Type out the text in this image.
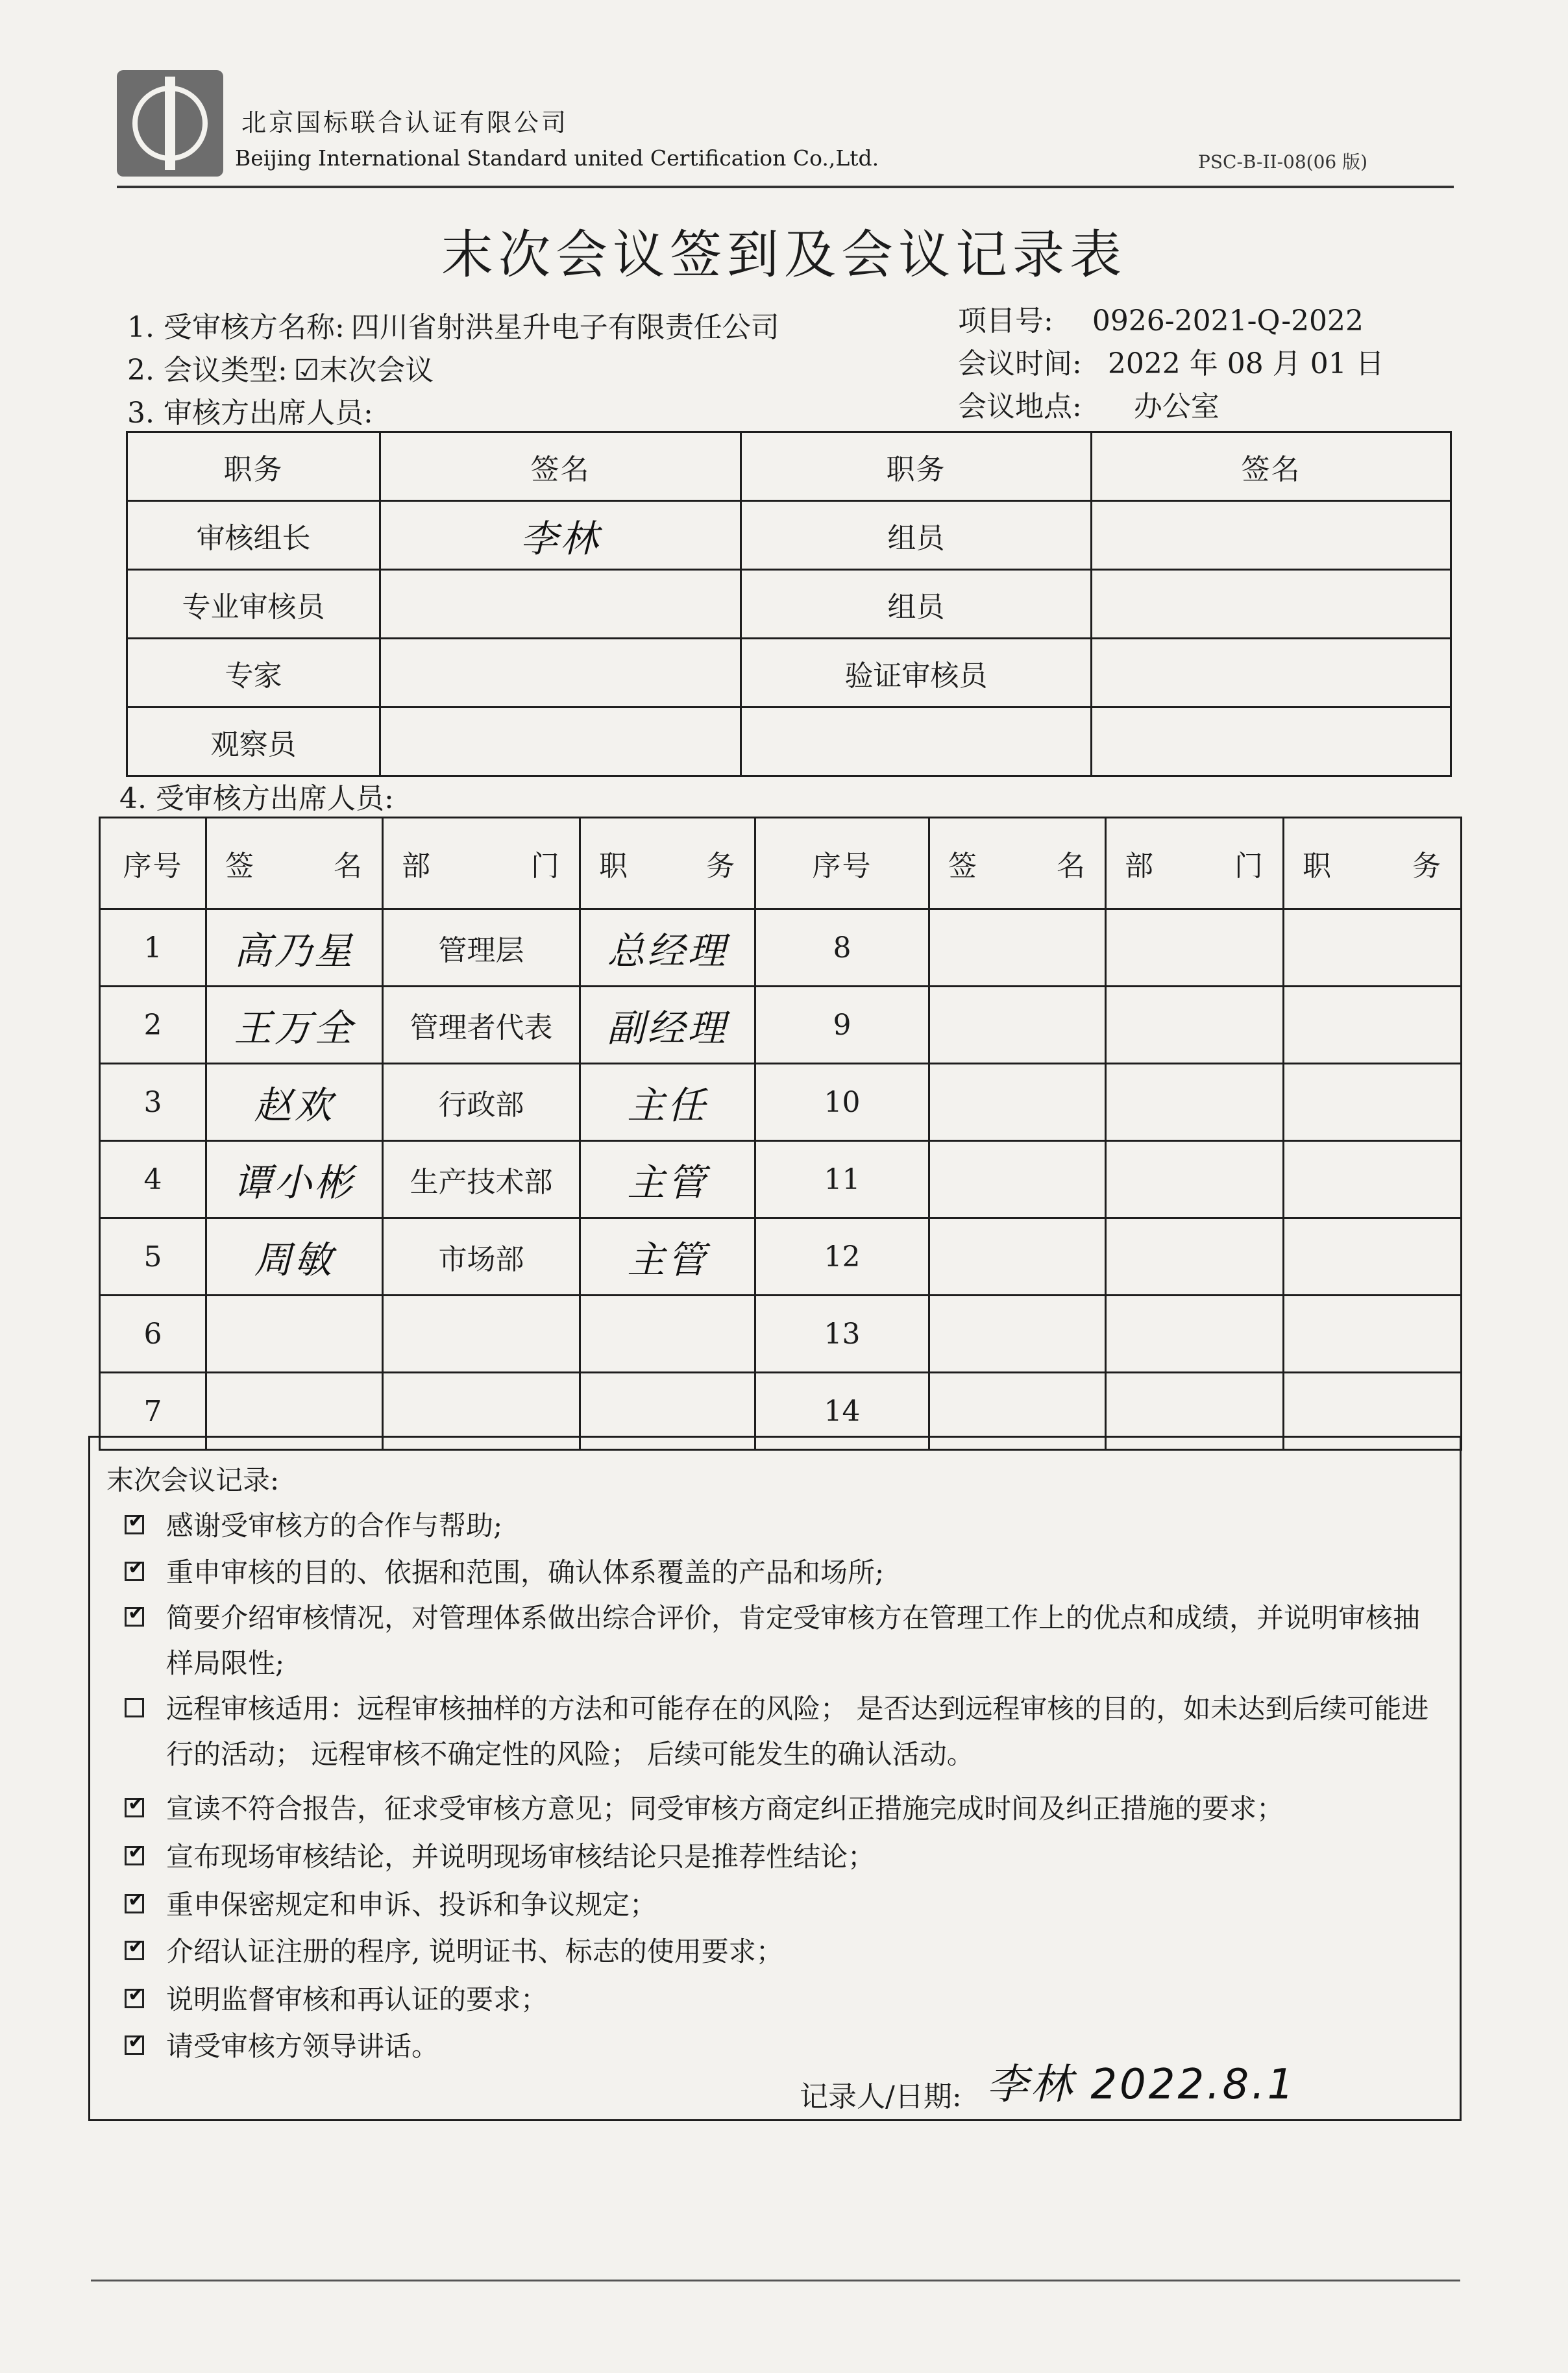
北京国标联合认证有限公司
Beijing International Standard united Certification Co.,Ltd.	PSC-B-II-08(06 版)
末次会议签到及会议记录表
1. 受审核方名称: 四川省射洪星升电子有限责任公司
2. 会议类型: ☑末次会议
3. 审核方出席人员:
项目号: 0926-2021-Q-2022
会议时间: 2022 年 08 月 01 日
会议地点: 办公室
职务	签名	职务	签名
审核组长	李林	组员	
专业审核员		组员	
专家		验证审核员	
观察员			
4. 受审核方出席人员:
序号	签 名	部 门	职 务	序号	签 名	部 门	职 务

1	高乃星	管理层	总经理	8			
2	王万全	管理者代表	副经理	9			
3	赵欢	行政部	主任	10			
4	谭小彬	生产技术部	主管	11			
5	周敏	市场部	主管	12			
6				13			
7				14			
末次会议记录:
✔
感谢受审核方的合作与帮助;
✔
重申审核的目的、依据和范围，确认体系覆盖的产品和场所;
✔
简要介绍审核情况，对管理体系做出综合评价，肯定受审核方在管理工作上的优点和成绩，并说明审核抽样局限性;
远程审核适用：远程审核抽样的方法和可能存在的风险； 是否达到远程审核的目的，如未达到后续可能进行的活动； 远程审核不确定性的风险； 后续可能发生的确认活动。
✔
宣读不符合报告，征求受审核方意见；同受审核方商定纠正措施完成时间及纠正措施的要求；
✔
宣布现场审核结论，并说明现场审核结论只是推荐性结论；
✔
重申保密规定和申诉、投诉和争议规定；
✔
介绍认证注册的程序, 说明证书、标志的使用要求；
✔
说明监督审核和再认证的要求；
✔
请受审核方领导讲话。
记录人/日期: 李林 2022.8.1
